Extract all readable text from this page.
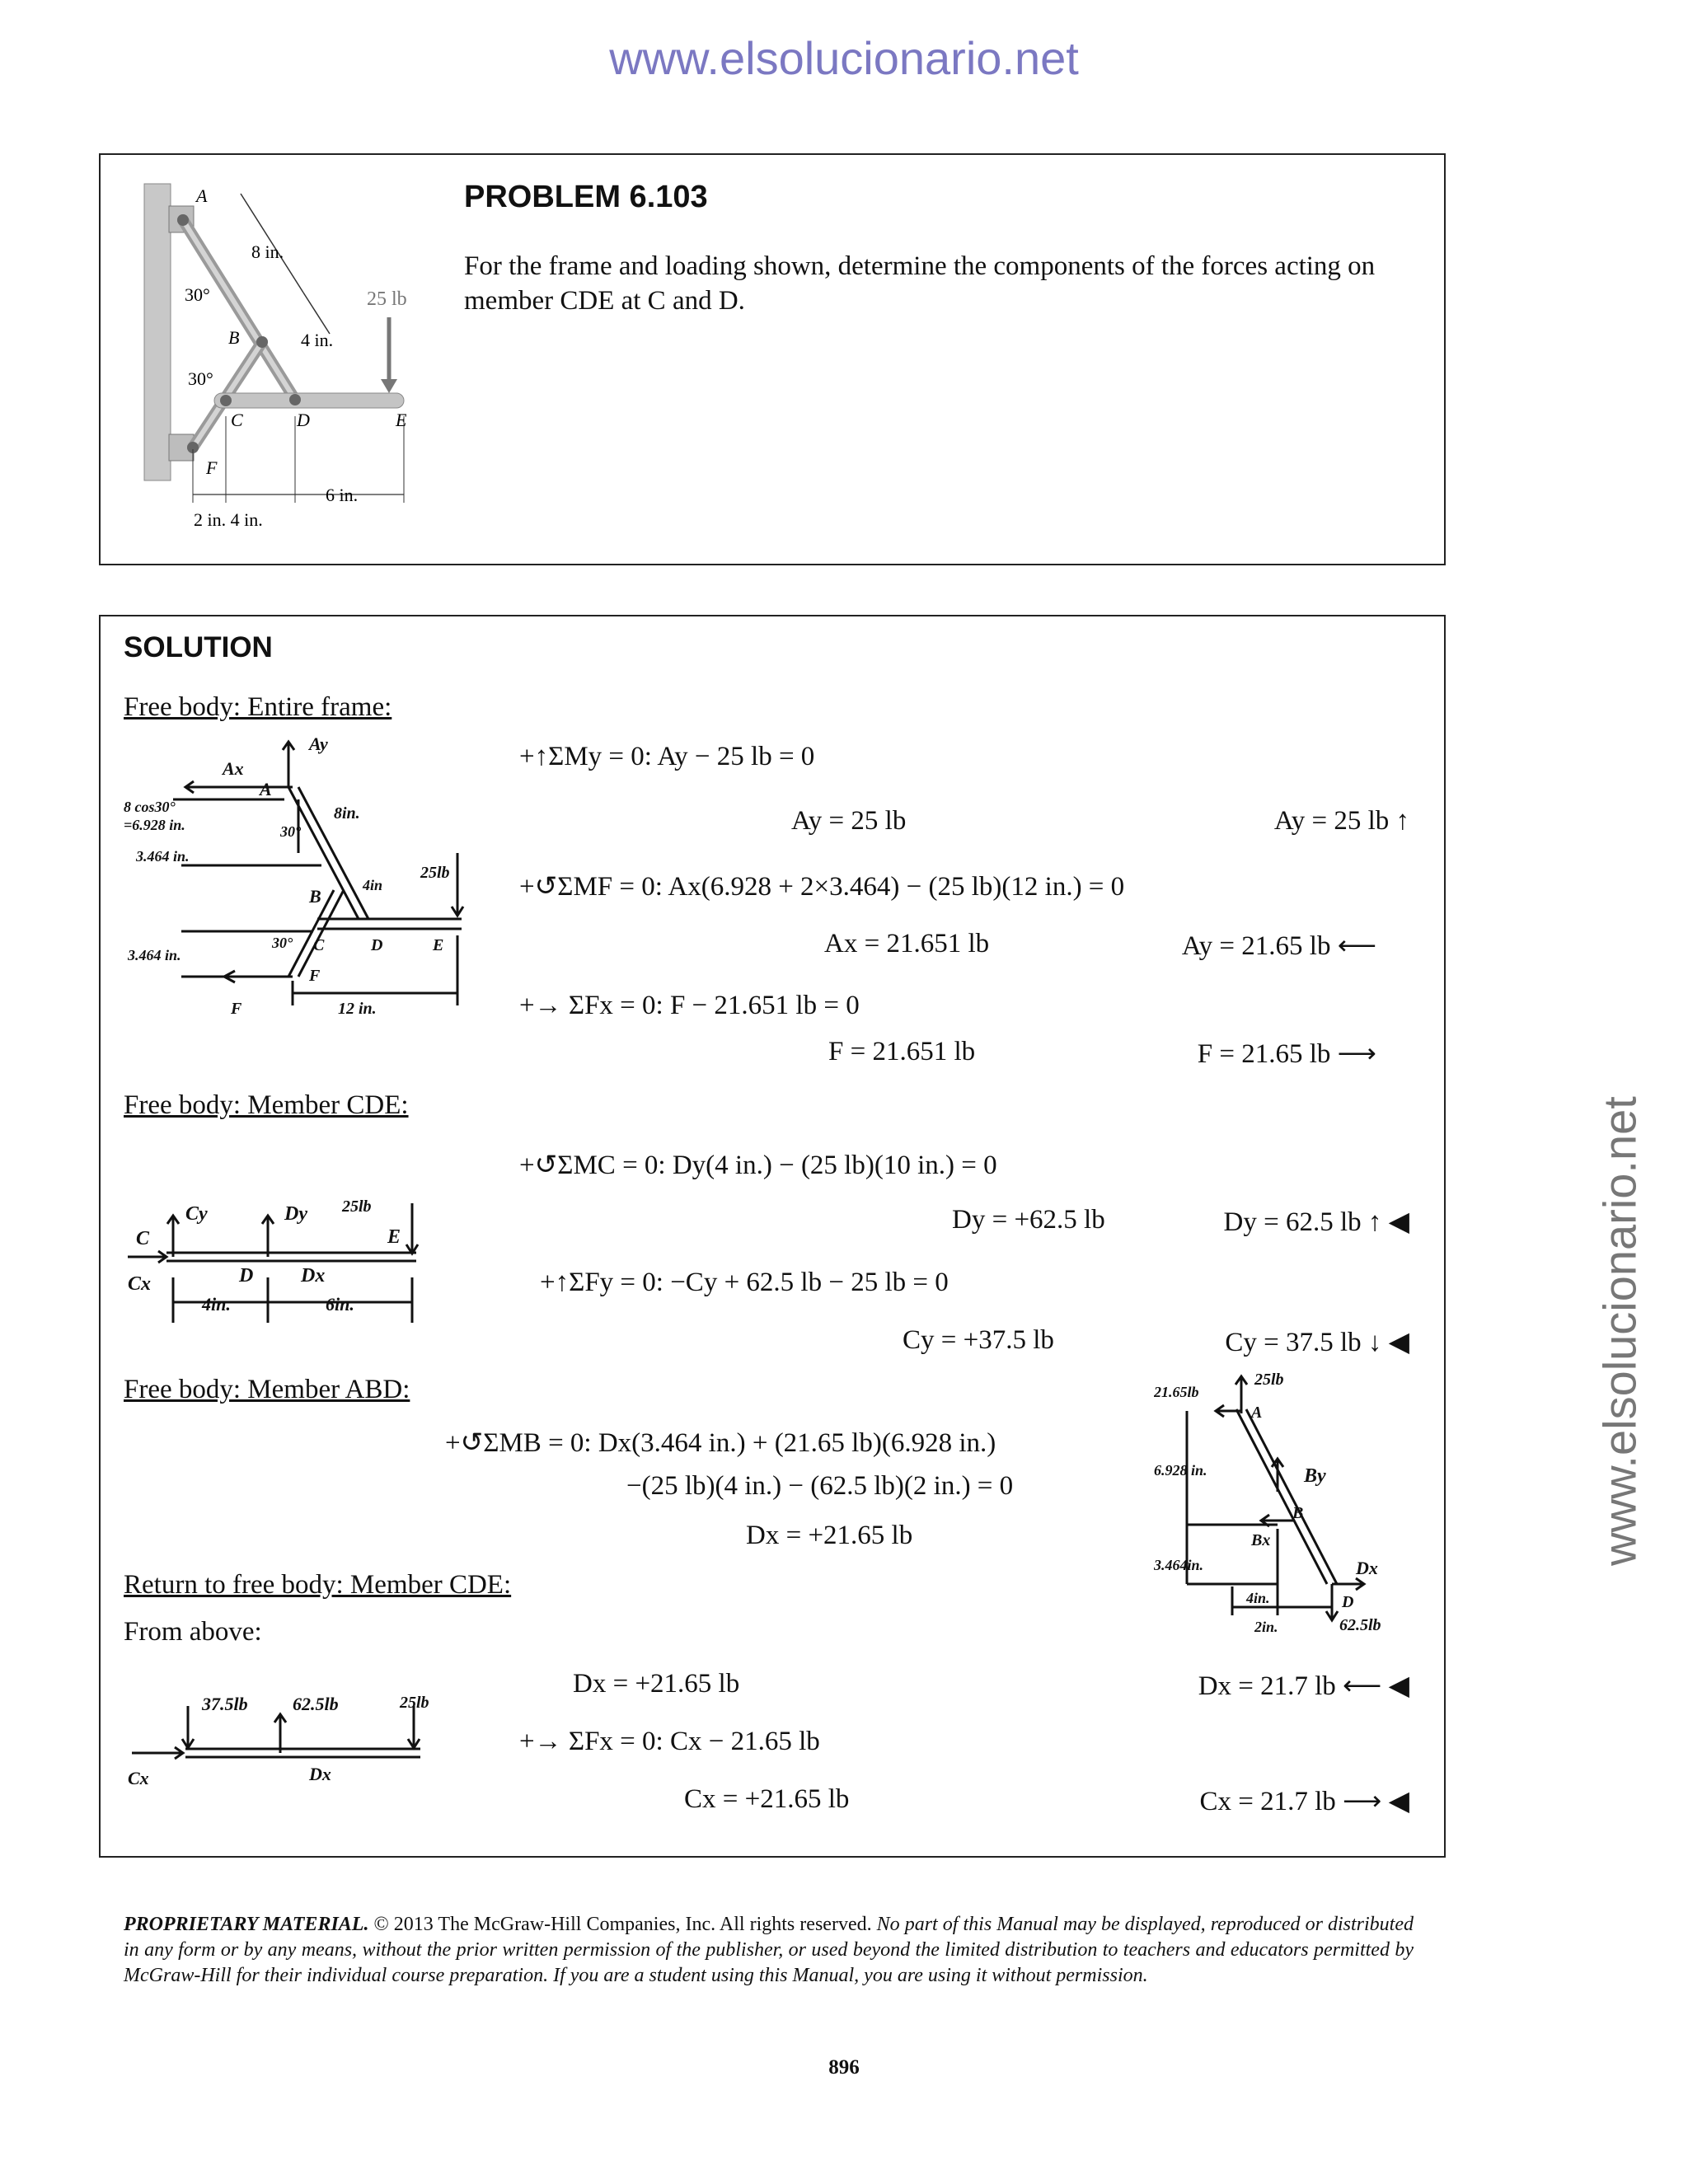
www.elsolucionario.net
www.elsolucionario.net
PROBLEM 6.103
For the frame and loading shown, determine the components of the forces acting on member CDE at C and D.
25 lb
A
B
C	D	E
F
30°
30°
8 in.
4 in.
6 in.
2 in. 4 in.
SOLUTION
Free body: Entire frame:
Ay
Ax
A
8 cos30°
=6.928 in.	30°
8in.
4in
25lb
3.464 in.
B
3.464 in.
30° C	D	E
F
F	12 in.
+↑ΣMy = 0: Ay − 25 lb = 0
Ay = 25 lb	Ay = 25 lb ↑
+↺ΣMF = 0: Ax(6.928 + 2×3.464) − (25 lb)(12 in.) = 0
Ax = 21.651 lb	Ay = 21.65 lb ⟵
+→ ΣFx = 0: F − 21.651 lb = 0
F = 21.651 lb	F = 21.65 lb ⟶
Free body: Member CDE:
Cy	Dy 25lb
C	E
Cx	D Dx
4in.	6in.
+↺ΣMC = 0: Dy(4 in.) − (25 lb)(10 in.) = 0
Dy = +62.5 lb	Dy = 62.5 lb ↑ ◀
+↑ΣFy = 0: −Cy + 62.5 lb − 25 lb = 0
Cy = +37.5 lb	Cy = 37.5 lb ↓ ◀
Free body: Member ABD:
+↺ΣMB = 0: Dx(3.464 in.) + (21.65 lb)(6.928 in.)
−(25 lb)(4 in.) − (62.5 lb)(2 in.) = 0
Dx = +21.65 lb
21.65lb
25lb
A
6.928 in.	By
B
Bx
3.464in.	Dx
4in.	D
2in.	62.5lb
Return to free body: Member CDE:
From above:
37.5lb 62.5lb	25lb
Cx	Dx
Dx = +21.65 lb	Dx = 21.7 lb ⟵ ◀
+→ ΣFx = 0: Cx − 21.65 lb
Cx = +21.65 lb	Cx = 21.7 lb ⟶ ◀
PROPRIETARY MATERIAL. © 2013 The McGraw-Hill Companies, Inc. All rights reserved. No part of this Manual may be displayed, reproduced or distributed in any form or by any means, without the prior written permission of the publisher, or used beyond the limited distribution to teachers and educators permitted by McGraw-Hill for their individual course preparation. If you are a student using this Manual, you are using it without permission.
896
